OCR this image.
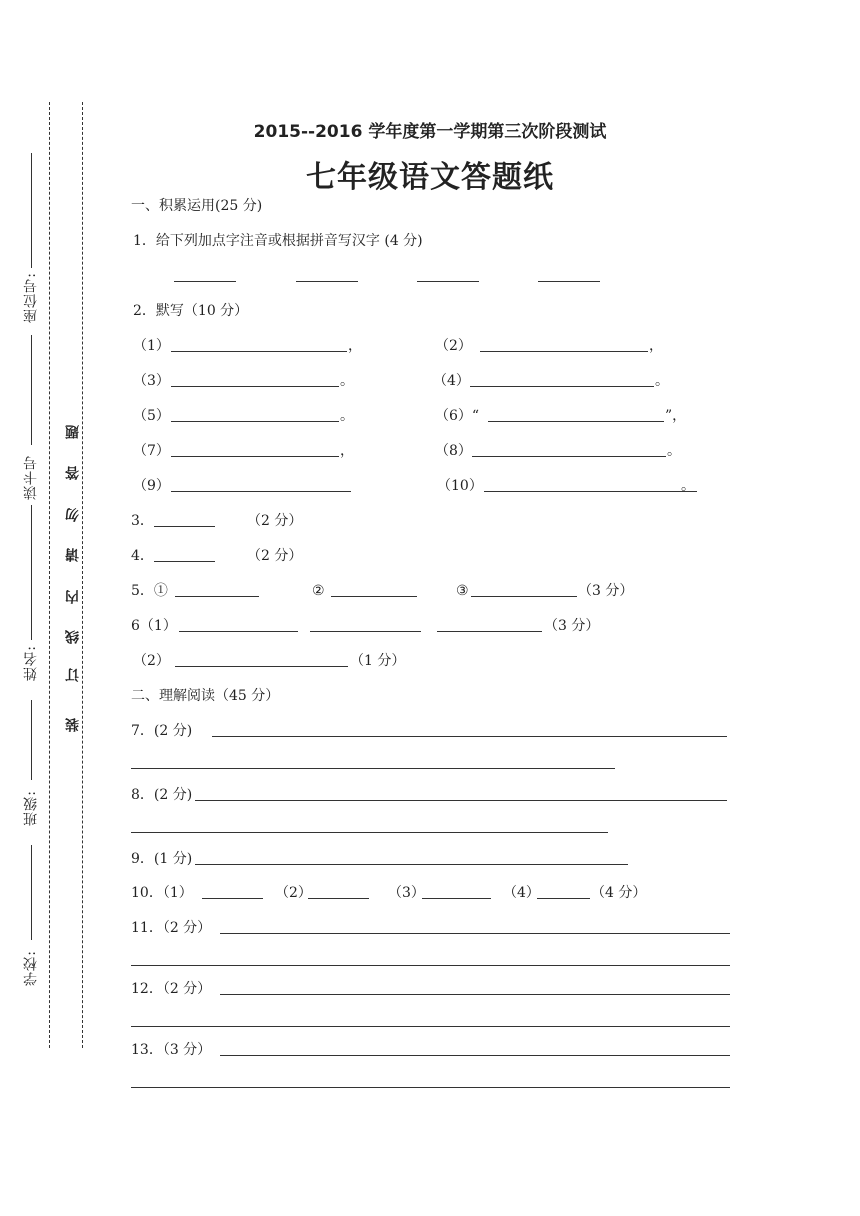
座位号:
读卡号
姓名:
班级:
学校:
装
订
线
内
请
勿
答
题
2015--2016 学年度第一学期第三次阶段测试
七年级语文答题纸
一、积累运用(25 分)
1．给下列加点字注音或根据拼音写汉字 (4 分)
2．默写（10 分）
（1）	，	（2）	，
（3）	。	（4）	。
（5）	。	（6）“	”，
（7）	，	（8）	。
（9）	（10）	。
3．	（2 分）
4．	（2 分）
5．①	②	③	（3 分）
6（1）	（3 分）
（2）	（1 分）
二、理解阅读（45 分）
7．(2 分)
8．(2 分)
9．(1 分)
10．（1）	（2）	（3）	（4）	（4 分）
11．（2 分）
12．（2 分）
13．（3 分）
